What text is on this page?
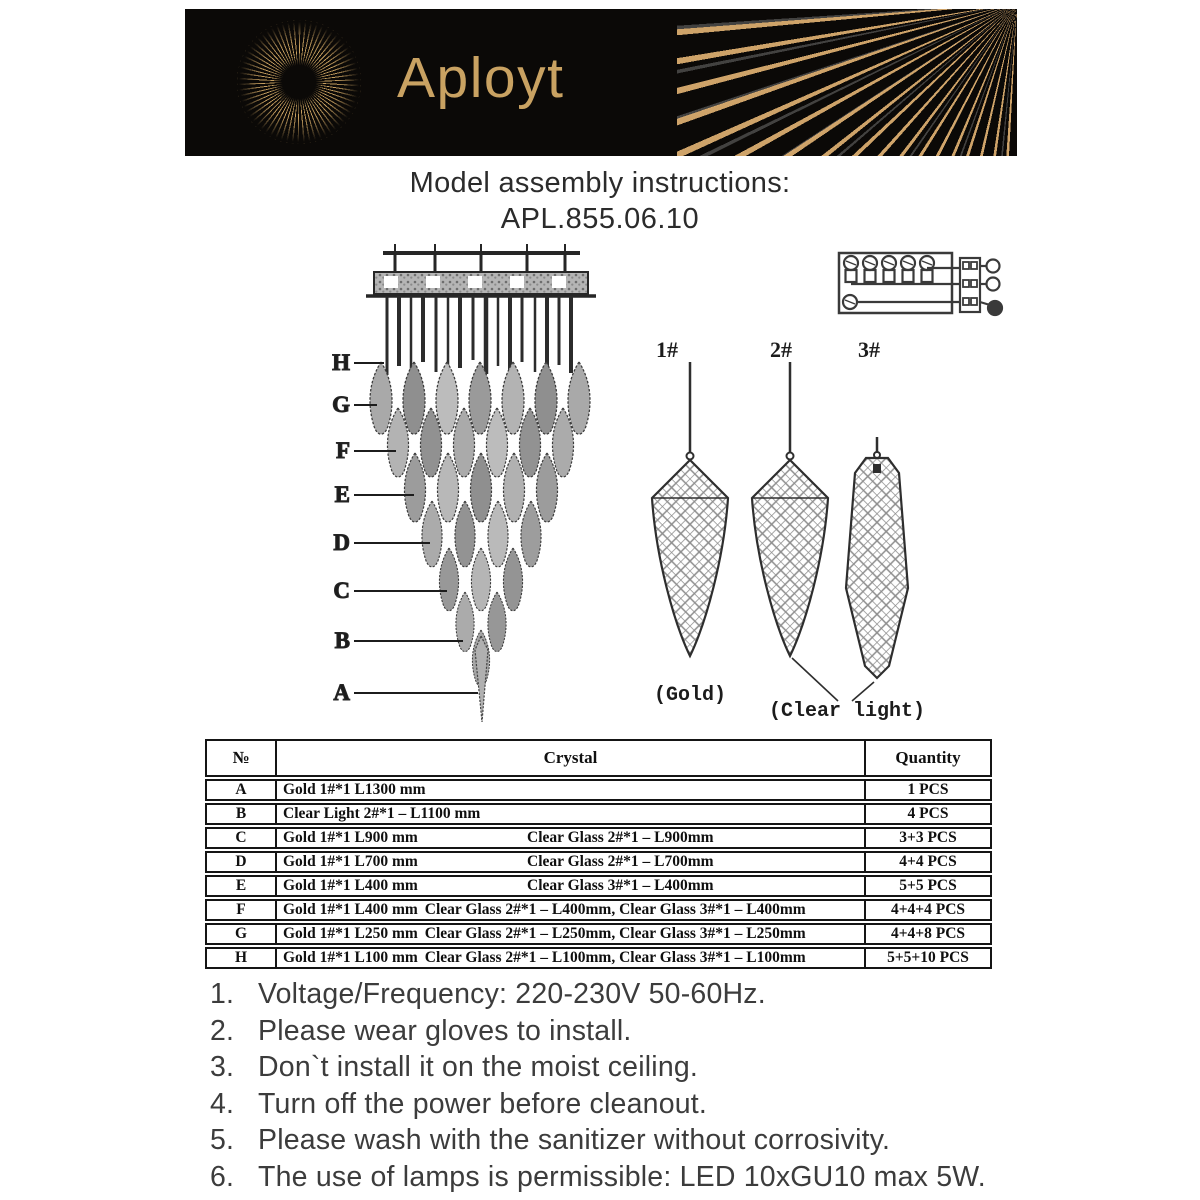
Aployt
Model assembly instructions:
APL.855.06.10
H
G
F
E
D
C
B
A
1#	2#	3#
(Gold)
(Clear light)
№	Crystal	Quantity
A	Gold 1#*1 L1300 mm	1 PCS
B	Clear Light 2#*1 – L1100 mm	4 PCS
C	Gold 1#*1 L900 mm Clear Glass 2#*1 – L900mm	3+3 PCS
D	Gold 1#*1 L700 mm Clear Glass 2#*1 – L700mm	4+4 PCS
E	Gold 1#*1 L400 mm Clear Glass 3#*1 – L400mm	5+5 PCS
F	Gold 1#*1 L400 mm Clear Glass 2#*1 – L400mm, Clear Glass 3#*1 – L400mm	4+4+4 PCS
G	Gold 1#*1 L250 mm Clear Glass 2#*1 – L250mm, Clear Glass 3#*1 – L250mm	4+4+8 PCS
H	Gold 1#*1 L100 mm Clear Glass 2#*1 – L100mm, Clear Glass 3#*1 – L100mm	5+5+10 PCS
1. Voltage/Frequency: 220-230V 50-60Hz.
2. Please wear gloves to install.
3. Don`t install it on the moist ceiling.
4. Turn off the power before cleanout.
5. Please wash with the sanitizer without corrosivity.
6. The use of lamps is permissible: LED 10xGU10 max 5W.
